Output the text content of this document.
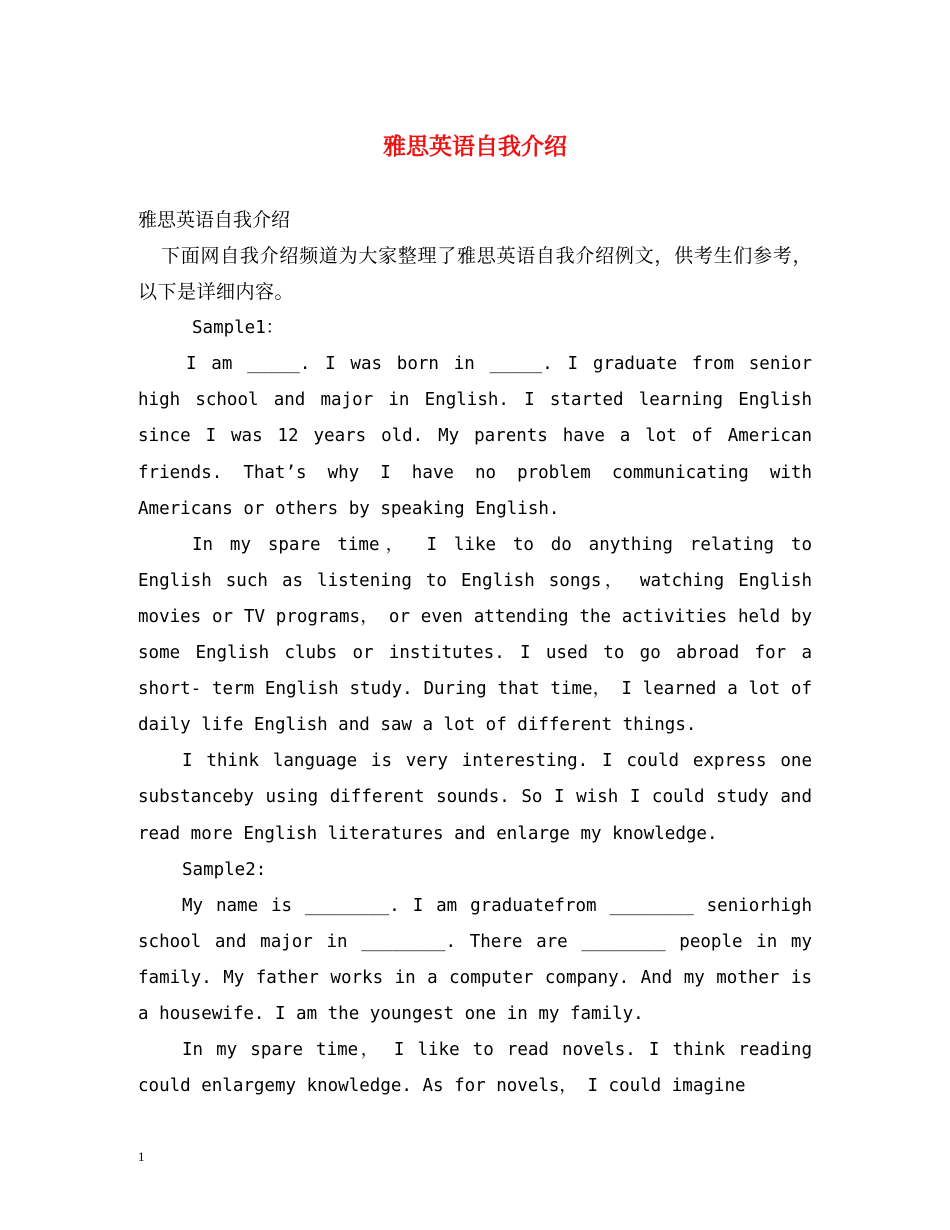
雅思英语自我介绍
雅思英语自我介绍

下面网自我介绍频道为大家整理了雅思英语自我介绍例文，供考生们参考，以下是详细内容。

Sample1：

I am _____. I was born in _____. I graduate from senior high school and major in English. I started learning English since I was 12 years old. My parents have a lot of American friends. That’s why I have no problem communicating with Americans or others by speaking English.

In my spare time， I like to do anything relating to English such as listening to English songs， watching English movies or TV programs， or even attending the activities held by some English clubs or institutes. I used to go abroad for a short- term English study. During that time， I learned a lot of daily life English and saw a lot of different things.

I think language is very interesting. I could express one substanceby using different sounds. So I wish I could study and read more English literatures and enlarge my knowledge.

Sample2:

My name is ________. I am graduatefrom ________ seniorhigh school and major in ________. There are ________ people in my family. My father works in a computer company. And my mother is a housewife. I am the youngest one in my family.

In my spare time， I like to read novels. I think reading could enlargemy knowledge. As for novels， I could imagine

1
